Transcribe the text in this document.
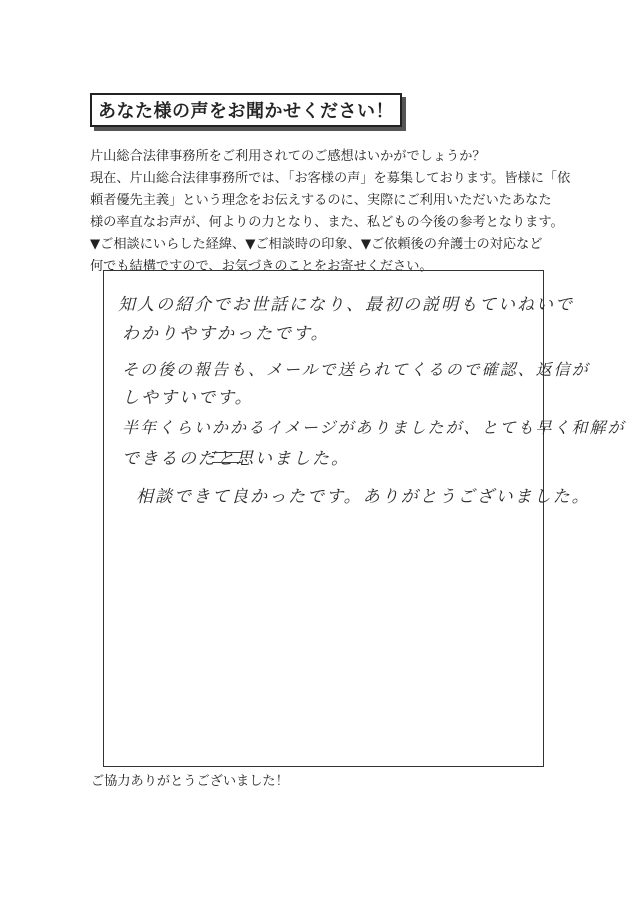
あなた様の声をお聞かせください！

片山総合法律事務所をご利用されてのご感想はいかがでしょうか？

現在、片山総合法律事務所では、「お客様の声」を募集しております。皆様に「依

頼者優先主義」という理念をお伝えするのに、実際にご利用いただいたあなた

様の率直なお声が、何よりの力となり、また、私どもの今後の参考となります。

▼ご相談にいらした経緯、▼ご相談時の印象、▼ご依頼後の弁護士の対応など

何でも結構ですので、お気づきのことをお寄せください。

知人の紹介でお世話になり、最初の説明もていねいで
わかりやすかったです。
その後の報告も、メールで送られてくるので確認、返信が
しやすいです。
半年くらいかかるイメージがありましたが、とても早く和解が
できるのだと思いました。
相談できて良かったです。ありがとうございました。
ご協力ありがとうございました！
